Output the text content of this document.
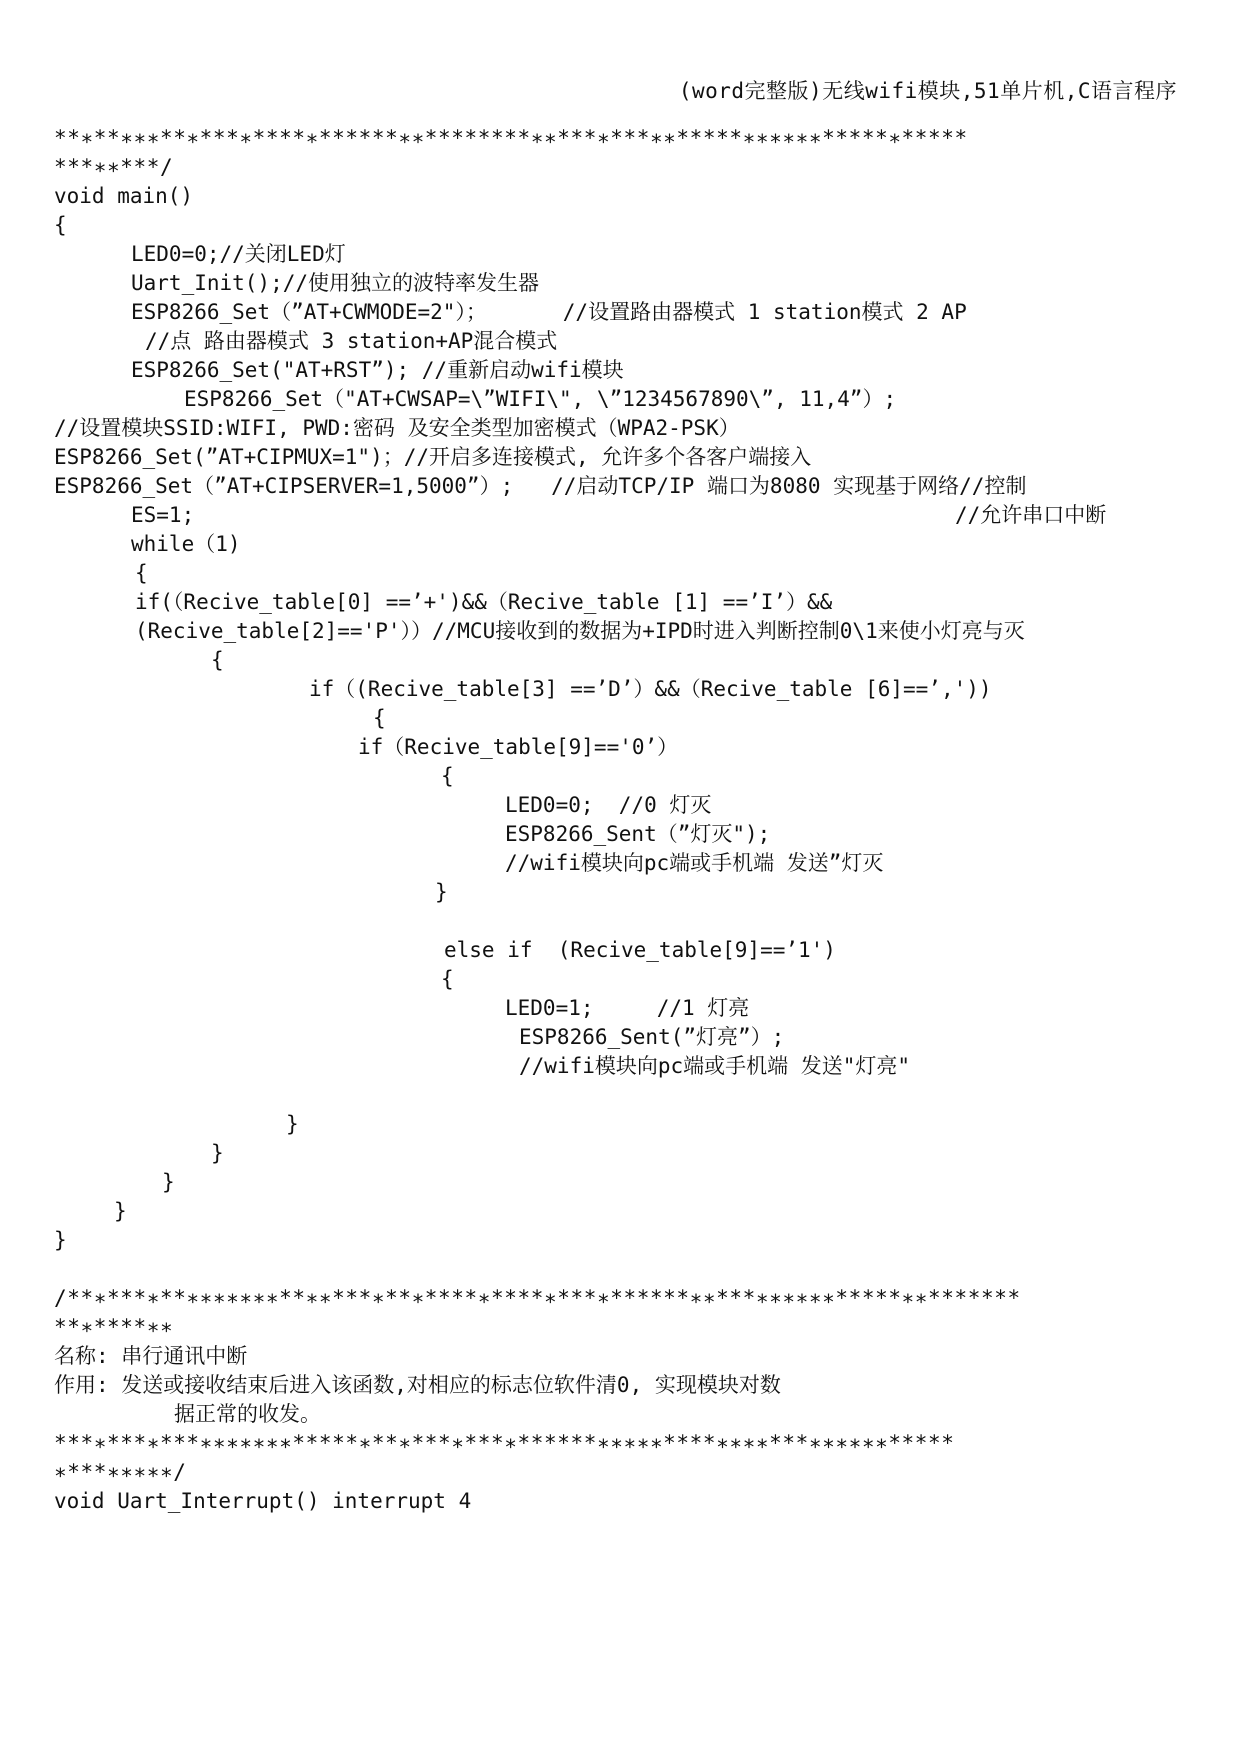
(word完整版)无线wifi模块,51单片机,C语言程序
**∗**∗∗∗**∗***∗****∗******∗∗********∗∗***∗***∗∗*****∗∗∗∗∗∗*****∗*****
***∗∗***/
void main()
{
LED0=0;//关闭LED灯
Uart_Init();//使用独立的波特率发生器
ESP8266_Set（”AT+CWMODE=2"）；      //设置路由器模式 1 station模式 2 AP
//点 路由器模式 3 station+AP混合模式
ESP8266_Set("AT+RST”); //重新启动wifi模块
ESP8266_Set（"AT+CWSAP=\”WIFI\", \”1234567890\”, 11,4”）;
//设置模块SSID:WIFI, PWD:密码 及安全类型加密模式（WPA2-PSK）
ESP8266_Set(”AT+CIPMUX=1")；//开启多连接模式, 允许多个各客户端接入
ESP8266_Set（”AT+CIPSERVER=1,5000”）;   //启动TCP/IP 端口为8080 实现基于网络//控制
ES=1;	//允许串口中断
while（1)
{
if(（Recive_table[0] ==’+')&&（Recive_table [1] ==’I’）&&
(Recive_table[2]=='P'））//MCU接收到的数据为+IPD时进入判断控制0\1来使小灯亮与灭
{
if（(Recive_table[3] ==’D’）&&（Recive_table [6]==’,'))
{
if（Recive_table[9]=='0’）
{
LED0=0;  //0 灯灭
ESP8266_Sent（”灯灭");
//wifi模块向pc端或手机端 发送”灯灭
}
else if  (Recive_table[9]==’1')
{
LED0=1;     //1 灯亮
ESP8266_Sent(”灯亮”）;
//wifi模块向pc端或手机端 发送"灯亮"
}
}
}
}
}
/**∗***∗**∗∗∗∗∗∗∗**∗∗***∗**∗****∗****∗***∗******∗∗***∗∗∗∗∗∗*****∗∗*******
**∗****∗∗
名称: 串行通讯中断
作用: 发送或接收结束后进入该函数,对相应的标志位软件清0, 实现模块对数
据正常的收发。
***∗***∗***∗∗∗∗∗∗∗*****∗**∗***∗***∗******∗∗∗∗∗****∗∗∗∗***∗∗∗∗∗∗*****
∗***∗∗∗∗∗/
void Uart_Interrupt() interrupt 4
